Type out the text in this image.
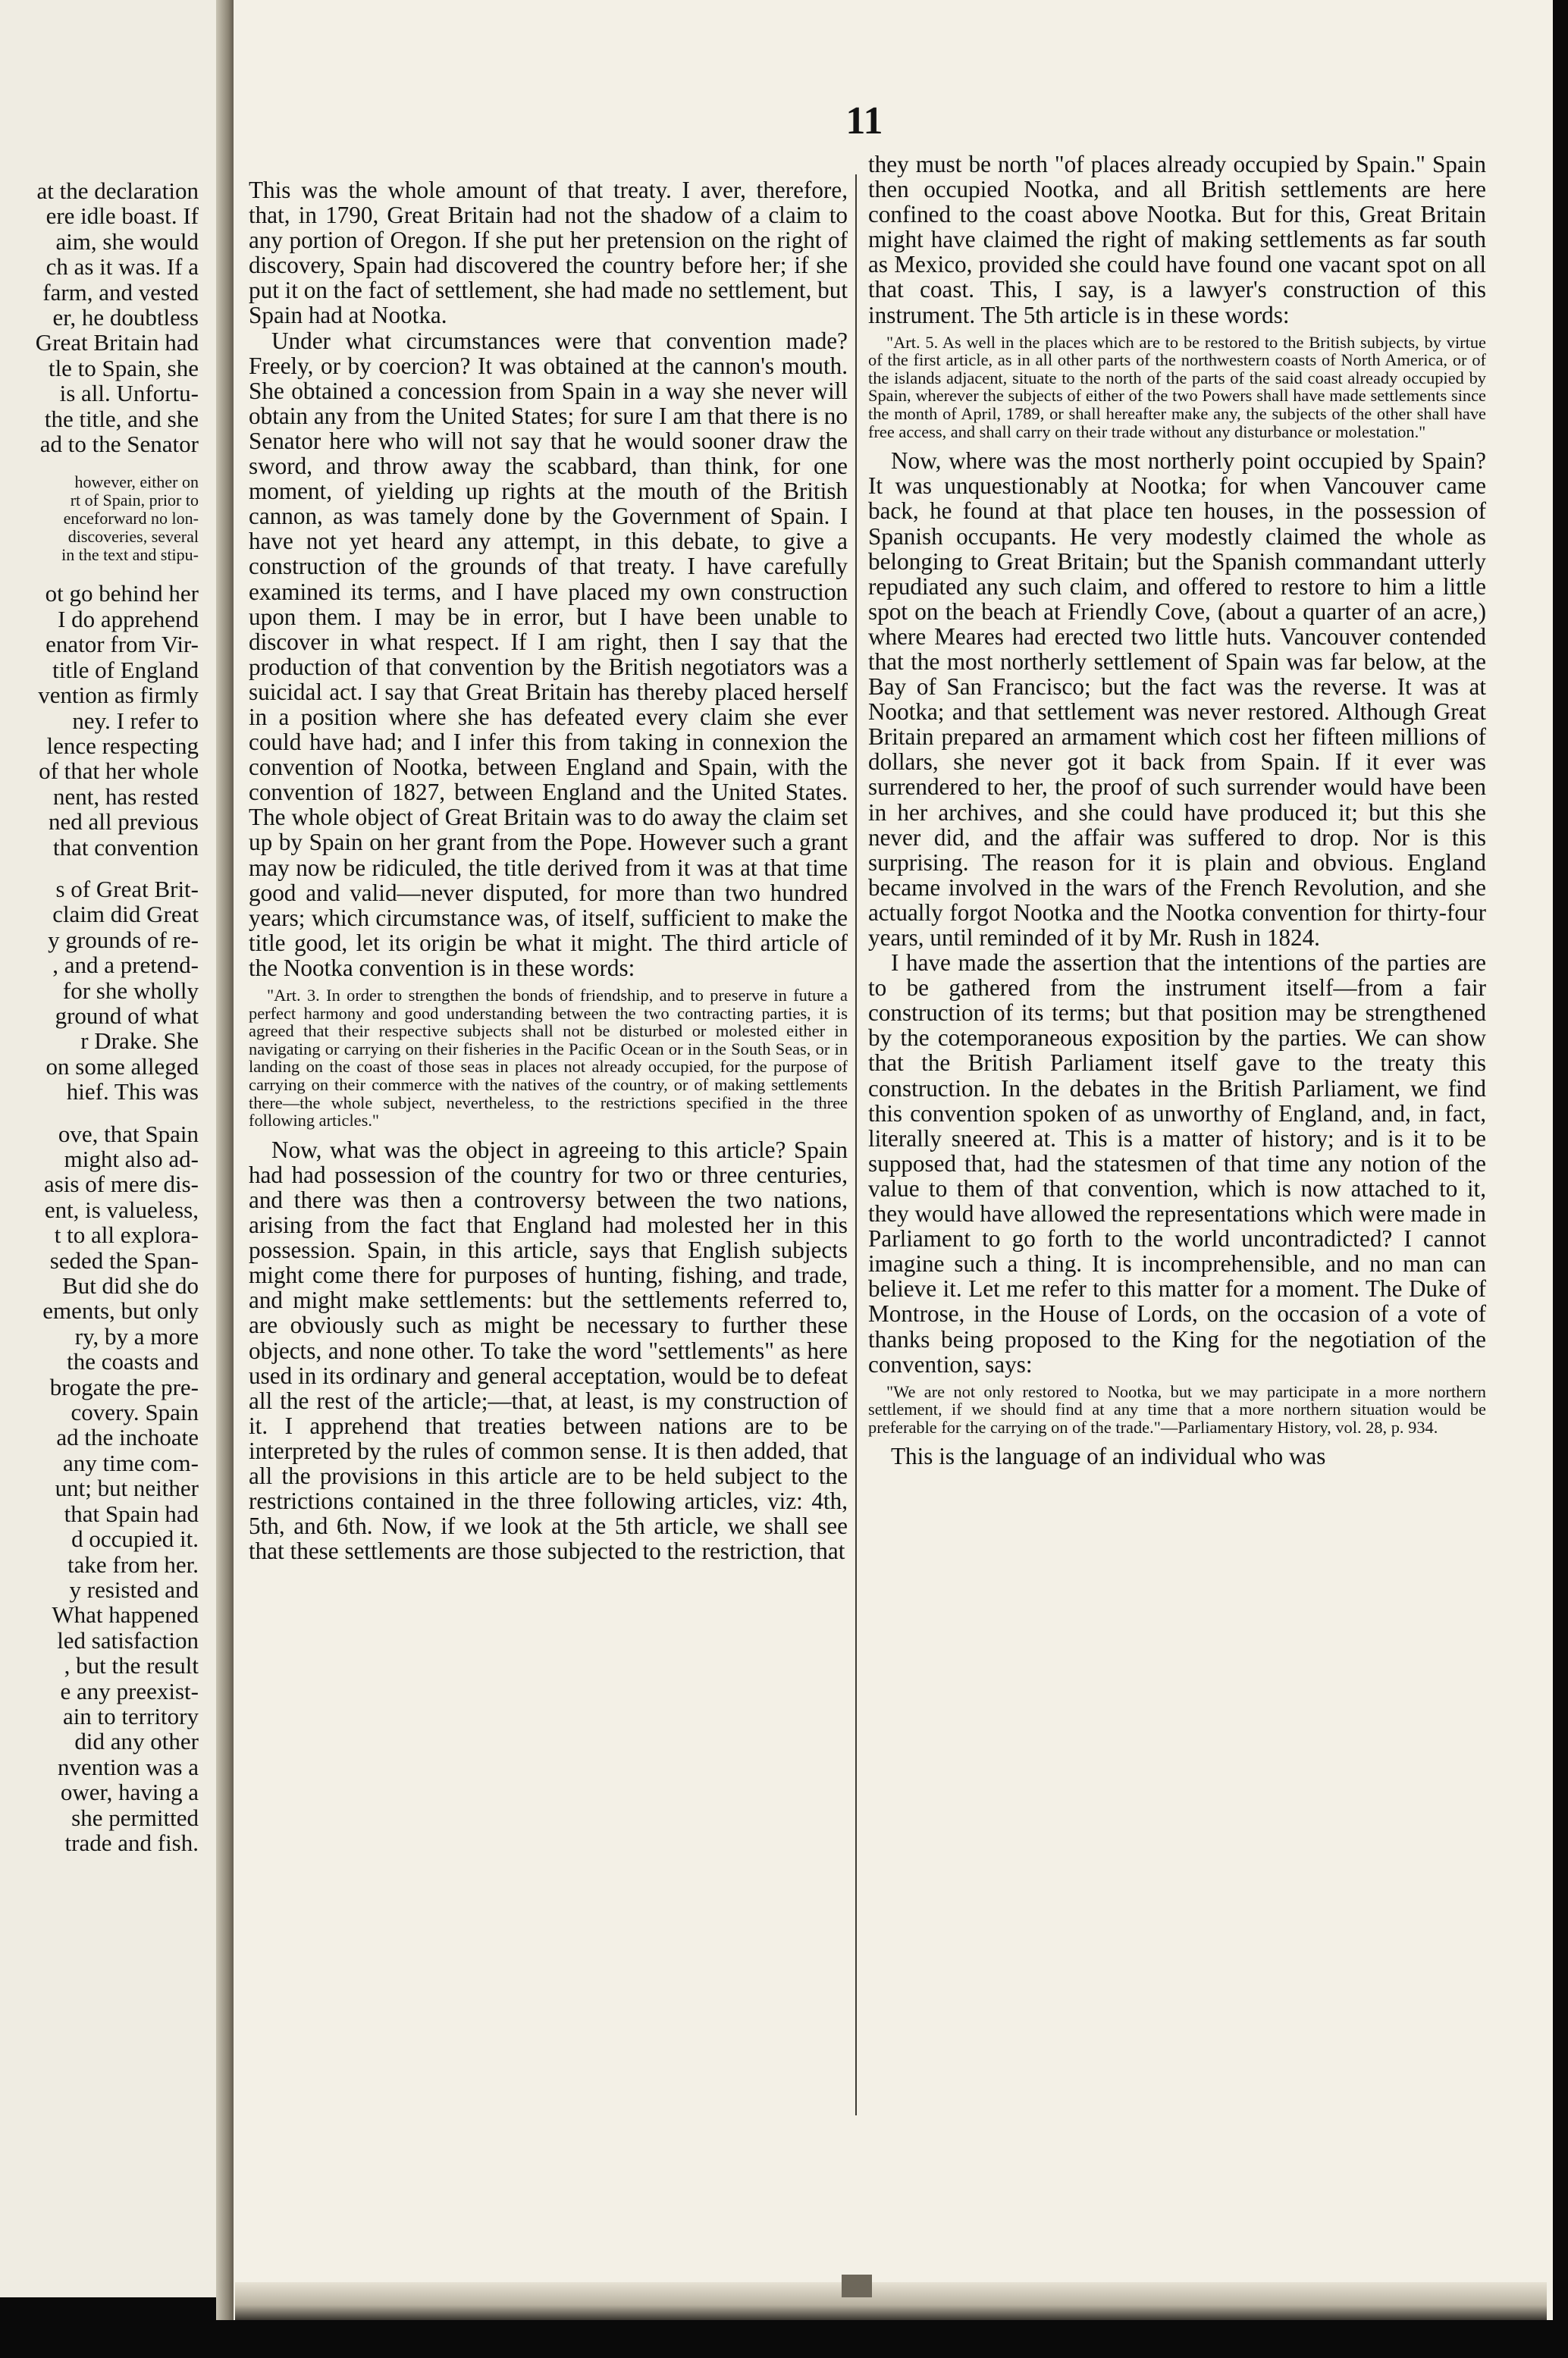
at the declaration

ere idle boast. If

aim, she would

ch as it was. If a

farm, and vested

er, he doubtless

Great Britain had

tle to Spain, she

is all. Unfortu-

the title, and she

ad to the Senator

however, either on

rt of Spain, prior to

enceforward no lon-

discoveries, several

in the text and stipu-

ot go behind her

I do apprehend

enator from Vir-

title of England

vention as firmly

ney. I refer to

lence respecting

of that her whole

nent, has rested

ned all previous

that convention

s of Great Brit-

claim did Great

y grounds of re-

, and a pretend-

for she wholly

ground of what

r Drake. She

on some alleged

hief. This was

ove, that Spain

might also ad-

asis of mere dis-

ent, is valueless,

t to all explora-

seded the Span-

But did she do

ements, but only

ry, by a more

the coasts and

brogate the pre-

covery. Spain

ad the inchoate

any time com-

unt; but neither

that Spain had

d occupied it.

take from her.

y resisted and

What happened

led satisfaction

, but the result

e any preexist-

ain to territory

did any other

nvention was a

ower, having a

she permitted

trade and fish.

11

This was the whole amount of that treaty. I aver, therefore, that, in 1790, Great Britain had not the shadow of a claim to any portion of Oregon. If she put her pretension on the right of discovery, Spain had discovered the country before her; if she put it on the fact of settlement, she had made no settlement, but Spain had at Nootka.

Under what circumstances were that convention made? Freely, or by coercion? It was obtained at the cannon's mouth. She obtained a concession from Spain in a way she never will obtain any from the United States; for sure I am that there is no Senator here who will not say that he would sooner draw the sword, and throw away the scabbard, than think, for one moment, of yielding up rights at the mouth of the British cannon, as was tamely done by the Government of Spain. I have not yet heard any attempt, in this debate, to give a construction of the grounds of that treaty. I have carefully examined its terms, and I have placed my own construction upon them. I may be in error, but I have been unable to discover in what respect. If I am right, then I say that the production of that convention by the British negotiators was a suicidal act. I say that Great Britain has thereby placed herself in a position where she has defeated every claim she ever could have had; and I infer this from taking in connexion the convention of Nootka, between England and Spain, with the convention of 1827, between England and the United States. The whole object of Great Britain was to do away the claim set up by Spain on her grant from the Pope. However such a grant may now be ridiculed, the title derived from it was at that time good and valid—never disputed, for more than two hundred years; which circumstance was, of itself, sufficient to make the title good, let its origin be what it might. The third article of the Nootka convention is in these words:

"Art. 3. In order to strengthen the bonds of friendship, and to preserve in future a perfect harmony and good understanding between the two contracting parties, it is agreed that their respective subjects shall not be disturbed or molested either in navigating or carrying on their fisheries in the Pacific Ocean or in the South Seas, or in landing on the coast of those seas in places not already occupied, for the purpose of carrying on their commerce with the natives of the country, or of making settlements there—the whole subject, nevertheless, to the restrictions specified in the three following articles."

Now, what was the object in agreeing to this article? Spain had had possession of the country for two or three centuries, and there was then a controversy between the two nations, arising from the fact that England had molested her in this possession. Spain, in this article, says that English subjects might come there for purposes of hunting, fishing, and trade, and might make settlements: but the settlements referred to, are obviously such as might be necessary to further these objects, and none other. To take the word "settlements" as here used in its ordinary and general acceptation, would be to defeat all the rest of the article;—that, at least, is my construction of it. I apprehend that treaties between nations are to be interpreted by the rules of common sense. It is then added, that all the provisions in this article are to be held subject to the restrictions contained in the three following articles, viz: 4th, 5th, and 6th. Now, if we look at the 5th article, we shall see that these settlements are those subjected to the restriction, that

they must be north "of places already occupied by Spain." Spain then occupied Nootka, and all British settlements are here confined to the coast above Nootka. But for this, Great Britain might have claimed the right of making settlements as far south as Mexico, provided she could have found one vacant spot on all that coast. This, I say, is a lawyer's construction of this instrument. The 5th article is in these words:

"Art. 5. As well in the places which are to be restored to the British subjects, by virtue of the first article, as in all other parts of the northwestern coasts of North America, or of the islands adjacent, situate to the north of the parts of the said coast already occupied by Spain, wherever the subjects of either of the two Powers shall have made settlements since the month of April, 1789, or shall hereafter make any, the subjects of the other shall have free access, and shall carry on their trade without any disturbance or molestation."

Now, where was the most northerly point occupied by Spain? It was unquestionably at Nootka; for when Vancouver came back, he found at that place ten houses, in the possession of Spanish occupants. He very modestly claimed the whole as belonging to Great Britain; but the Spanish commandant utterly repudiated any such claim, and offered to restore to him a little spot on the beach at Friendly Cove, (about a quarter of an acre,) where Meares had erected two little huts. Vancouver contended that the most northerly settlement of Spain was far below, at the Bay of San Francisco; but the fact was the reverse. It was at Nootka; and that settlement was never restored. Although Great Britain prepared an armament which cost her fifteen millions of dollars, she never got it back from Spain. If it ever was surrendered to her, the proof of such surrender would have been in her archives, and she could have produced it; but this she never did, and the affair was suffered to drop. Nor is this surprising. The reason for it is plain and obvious. England became involved in the wars of the French Revolution, and she actually forgot Nootka and the Nootka convention for thirty-four years, until reminded of it by Mr. Rush in 1824.

I have made the assertion that the intentions of the parties are to be gathered from the instrument itself—from a fair construction of its terms; but that position may be strengthened by the cotemporaneous exposition by the parties. We can show that the British Parliament itself gave to the treaty this construction. In the debates in the British Parliament, we find this convention spoken of as unworthy of England, and, in fact, literally sneered at. This is a matter of history; and is it to be supposed that, had the statesmen of that time any notion of the value to them of that convention, which is now attached to it, they would have allowed the representations which were made in Parliament to go forth to the world uncontradicted? I cannot imagine such a thing. It is incomprehensible, and no man can believe it. Let me refer to this matter for a moment. The Duke of Montrose, in the House of Lords, on the occasion of a vote of thanks being proposed to the King for the negotiation of the convention, says:

"We are not only restored to Nootka, but we may participate in a more northern settlement, if we should find at any time that a more northern situation would be preferable for the carrying on of the trade."—Parliamentary History, vol. 28, p. 934.

This is the language of an individual who was
